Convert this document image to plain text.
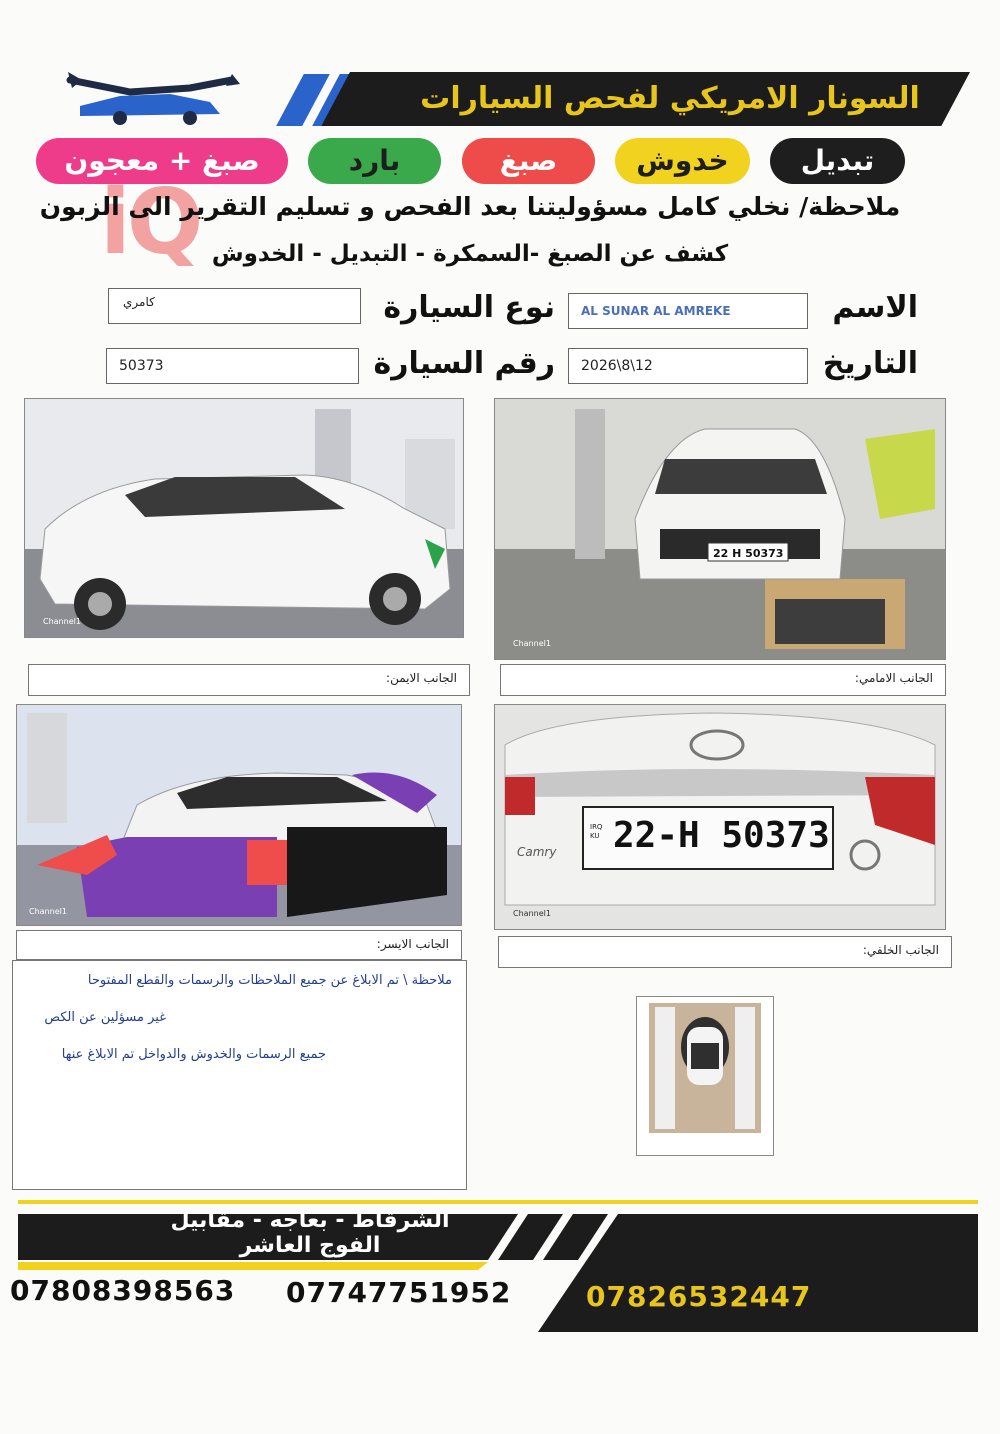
السونار الامريكي لفحص السيارات
تبديل
خدوش
صبغ
بارد
صبغ + معجون
iQ
ملاحظة/ نخلي كامل مسؤوليتنا بعد الفحص و تسليم التقرير الى الزبون
كشف عن الصبغ -السمكرة - التبديل - الخدوش
الاسم
AL SUNAR AL AMREKE
نوع السيارة
كامري
التاريخ
2026\8\12
رقم السيارة
50373
Channel1
الجانب الايمن:
22 H 50373
Channel1
الجانب الامامي:
Channel1
الجانب الايسر:
IRQ KU 22-H 50373
Camry
Channel1
الجانب الخلفي:
ملاحظة \ تم الابلاغ عن جميع الملاحظات والرسمات والقطع المفتوحا
غير مسؤلين عن الكص
جميع الرسمات والخدوش والدواخل تم الابلاغ عنها
الشرقاط - بعاجه - مقابيل الفوج العاشر
07808398563 07747751952	07826532447
